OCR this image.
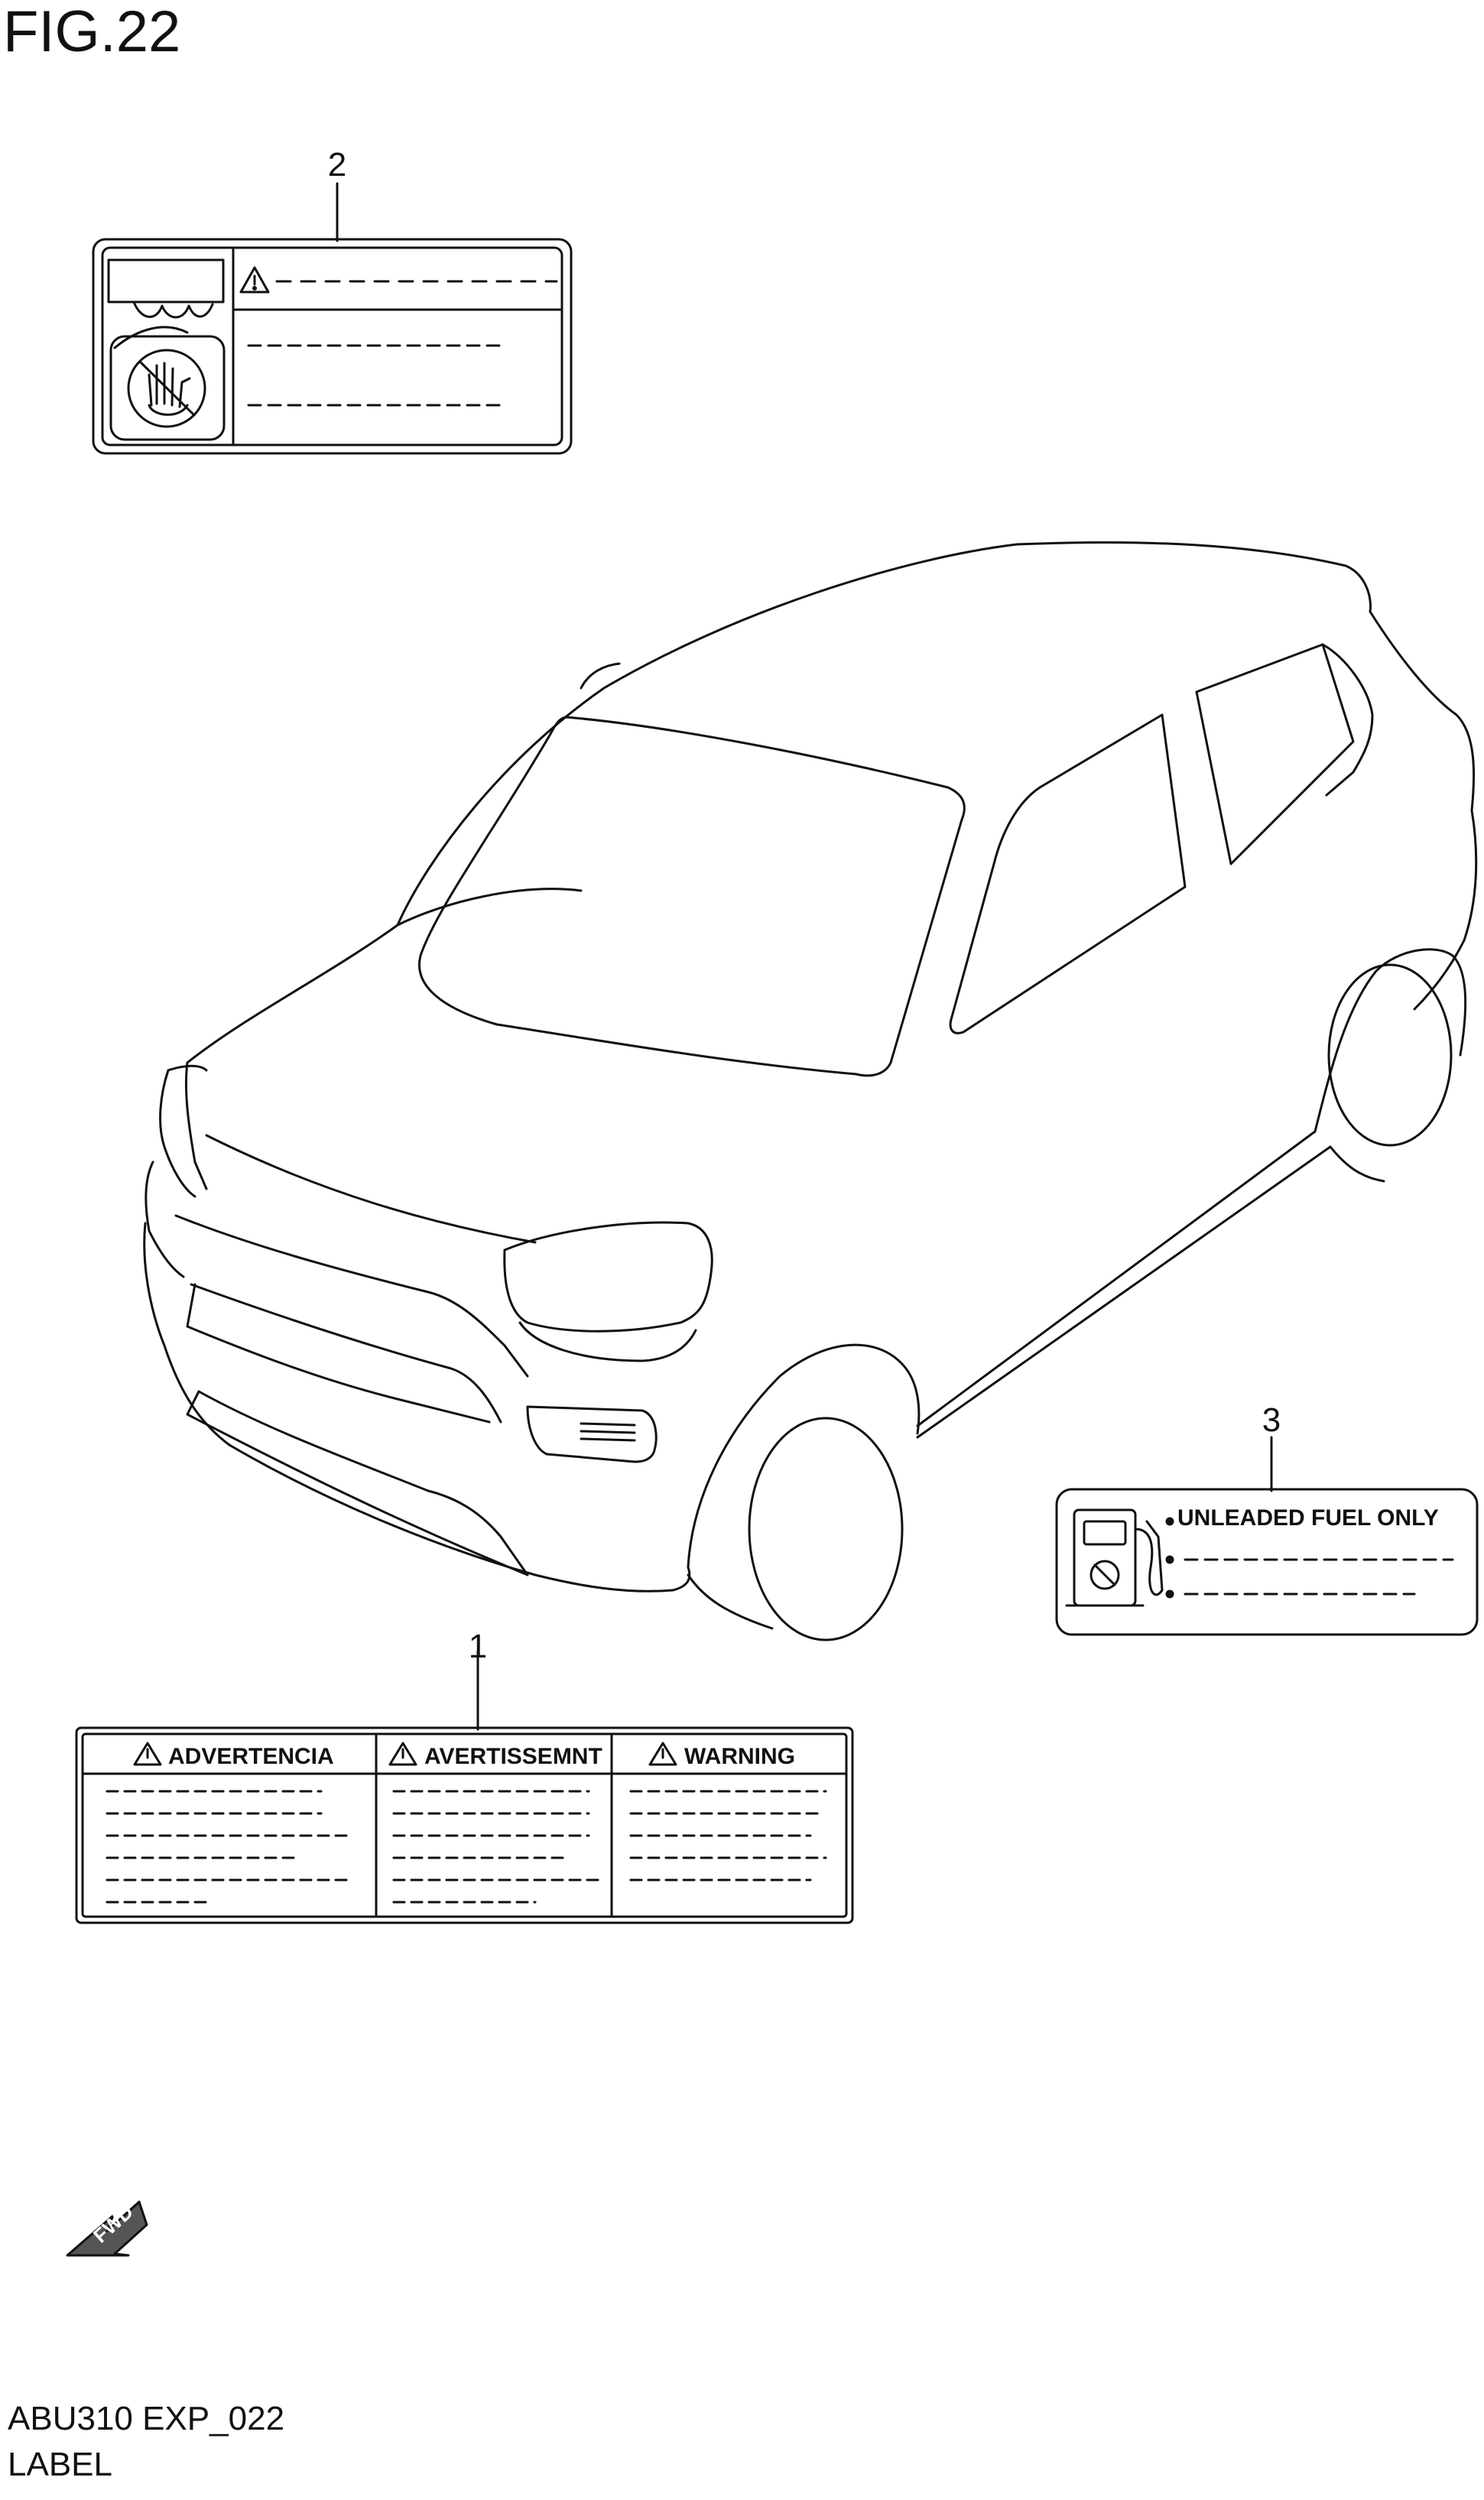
FIG.22
2
3
1
UNLEADED FUEL ONLY
ADVERTENCIA	AVERTISSEMNT	WARNING
FWD
ABU310 EXP_022
LABEL
